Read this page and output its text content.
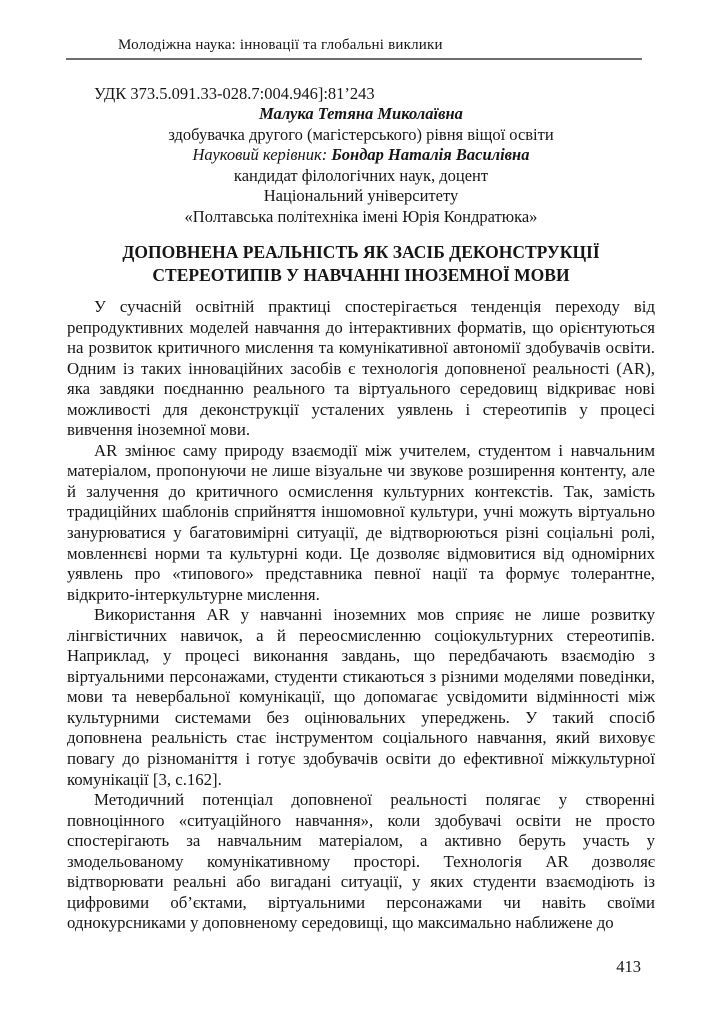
Молодіжна наука: інновації та глобальні виклики
УДК 373.5.091.33-028.7:004.946]:81’243
Малука Тетяна Миколаївна
здобувачка другого (магістерського) рівня віщої освіти
Науковий керівник: Бондар Наталія Василівна
кандидат філологічних наук, доцент
Національний університету
«Полтавська політехніка імені Юрія Кондратюка»
ДОПОВНЕНА РЕАЛЬНІСТЬ ЯК ЗАСІБ ДЕКОНСТРУКЦІЇ СТЕРЕОТИПІВ У НАВЧАННІ ІНОЗЕМНОЇ МОВИ

У сучасній освітній практиці спостерігається тенденція переходу від репродуктивних моделей навчання до інтерактивних форматів, що орієнтуються на розвиток критичного мислення та комунікативної автономії здобувачів освіти. Одним із таких інноваційних засобів є технологія доповненої реальності (AR), яка завдяки поєднанню реального та віртуального середовищ відкриває нові можливості для деконструкції усталених уявлень і стереотипів у процесі вивчення іноземної мови.

AR змінює саму природу взаємодії між учителем, студентом і навчальним матеріалом, пропонуючи не лише візуальне чи звукове розширення контенту, але й залучення до критичного осмислення культурних контекстів. Так, замість традиційних шаблонів сприйняття іншомовної культури, учні можуть віртуально занурюватися у багатовимірні ситуації, де відтворюються різні соціальні ролі, мовленнєві норми та культурні коди. Це дозволяє відмовитися від одномірних уявлень про «типового» представника певної нації та формує толерантне, відкрито-інтеркультурне мислення.

Використання AR у навчанні іноземних мов сприяє не лише розвитку лінгвістичних навичок, а й переосмисленню соціокультурних стереотипів. Наприклад, у процесі виконання завдань, що передбачають взаємодію з віртуальними персонажами, студенти стикаються з різними моделями поведінки, мови та невербальної комунікації, що допомагає усвідомити відмінності між культурними системами без оцінювальних упереджень. У такий спосіб доповнена реальність стає інструментом соціального навчання, який виховує повагу до різноманіття і готує здобувачів освіти до ефективної міжкультурної комунікації [3, с.162].

Методичний потенціал доповненої реальності полягає у створенні повноцінного «ситуаційного навчання», коли здобувачі освіти не просто спостерігають за навчальним матеріалом, а активно беруть участь у змодельованому комунікативному просторі. Технологія AR дозволяє відтворювати реальні або вигадані ситуації, у яких студенти взаємодіють із цифровими об’єктами, віртуальними персонажами чи навіть своїми однокурсниками у доповненому середовищі, що максимально наближене до

413
